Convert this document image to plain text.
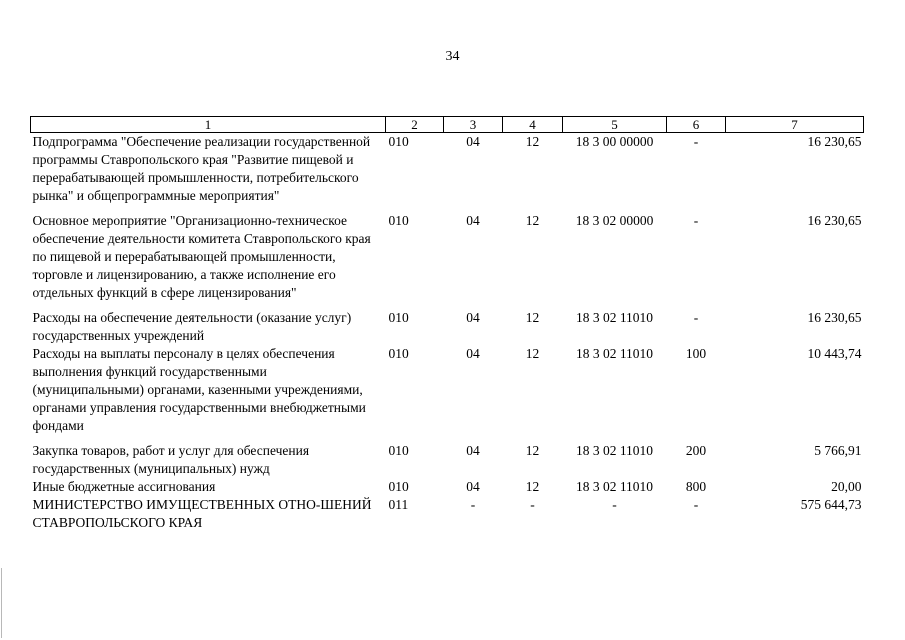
34
1	2	3	4	5	6	7
Подпрограмма "Обеспечение реализации государственной программы Ставропольского края "Развитие пищевой и перерабатывающей промышленности, потребительского рынка" и общепрограммные мероприятия"	010	04	12	18 3 00 00000	-	16 230,65
Основное мероприятие "Организационно-техническое обеспечение деятельности комитета Ставропольского края по пищевой и перерабатывающей промышленности, торговле и лицензированию, а также исполнение его отдельных функций в сфере лицензирования"	010	04	12	18 3 02 00000	-	16 230,65
Расходы на обеспечение деятельности (оказание услуг) государственных учреждений	010	04	12	18 3 02 11010	-	16 230,65
Расходы на выплаты персоналу в целях обеспечения выполнения функций государственными (муниципальными) органами, казенными учреждениями, органами управления государственными внебюджетными фондами	010	04	12	18 3 02 11010	100	10 443,74
Закупка товаров, работ и услуг для обеспечения государственных (муниципальных) нужд	010	04	12	18 3 02 11010	200	5 766,91
Иные бюджетные ассигнования	010	04	12	18 3 02 11010	800	20,00
МИНИСТЕРСТВО ИМУЩЕСТВЕННЫХ ОТНО-ШЕНИЙ СТАВРОПОЛЬСКОГО КРАЯ	011	-	-	-	-	575 644,73
